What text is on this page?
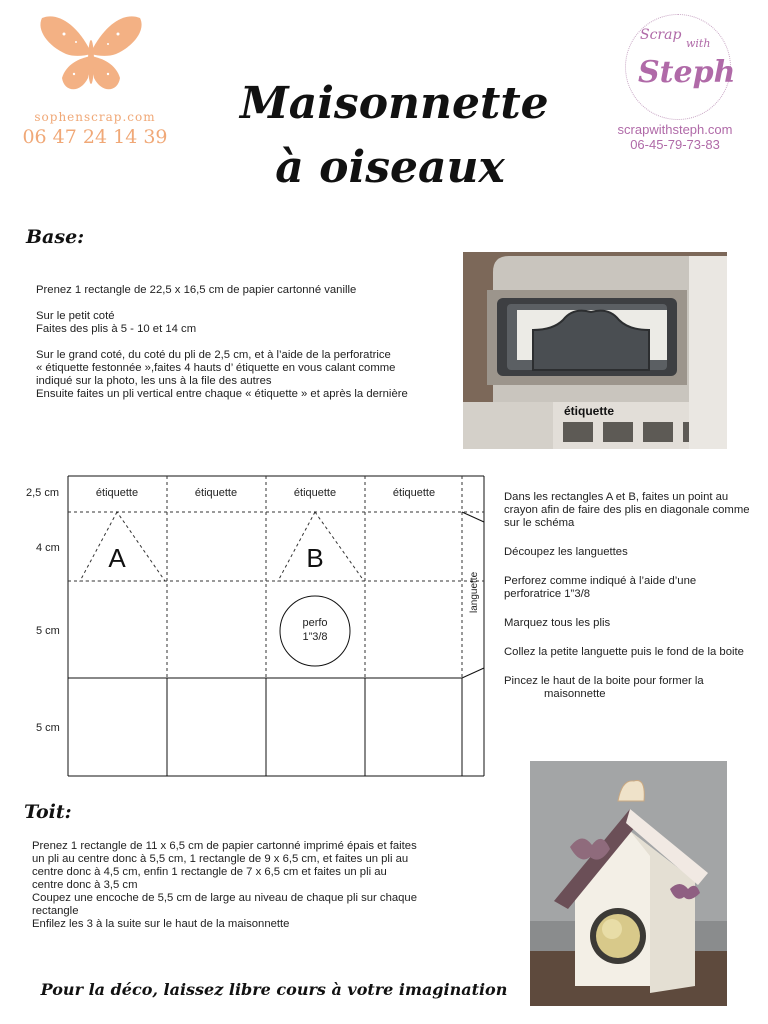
sophenscrap.com
06 47 24 14 39
Maisonnette
à oiseaux
Scrap
with
Steph
scrapwithsteph.com
06-45-79-73-83
Base:
Prenez 1 rectangle de 22,5 x 16,5 cm de papier cartonné vanille
Sur le petit coté
Faites des plis à 5 - 10 et 14 cm
Sur le grand coté, du coté du pli de 2,5 cm, et à l’aide de la perforatrice
« étiquette festonnée »,faites 4 hauts d’ étiquette en vous calant comme
indiqué sur la photo, les uns à la file des autres
Ensuite faites un pli vertical entre chaque « étiquette » et après la dernière
étiquette
2,5 cm
4 cm
5 cm
5 cm
étiquette	étiquette	étiquette	étiquette
A	B
perfo
1”3/8
languette
Dans les rectangles A et B, faites un point au crayon afin de faire des plis en diagonale comme sur le schéma
Découpez les languettes
Perforez comme indiqué à l’aide d’une perforatrice 1”3/8
Marquez tous les plis
Collez la petite languette puis le fond de la boite
Pincez le haut de la boite pour former la
maisonnette
Toit:
Prenez 1 rectangle de 11 x 6,5 cm de papier cartonné imprimé épais et faites
un pli au centre donc à 5,5 cm, 1 rectangle de 9 x 6,5 cm, et faites un pli au
centre donc à 4,5 cm, enfin 1 rectangle de 7 x 6,5 cm et faites un pli au
centre donc à 3,5 cm
Coupez une encoche de 5,5 cm de large au niveau de chaque pli sur chaque
rectangle
Enfilez les 3 à la suite sur le haut de la maisonnette
Pour la déco, laissez libre cours à votre imagination
